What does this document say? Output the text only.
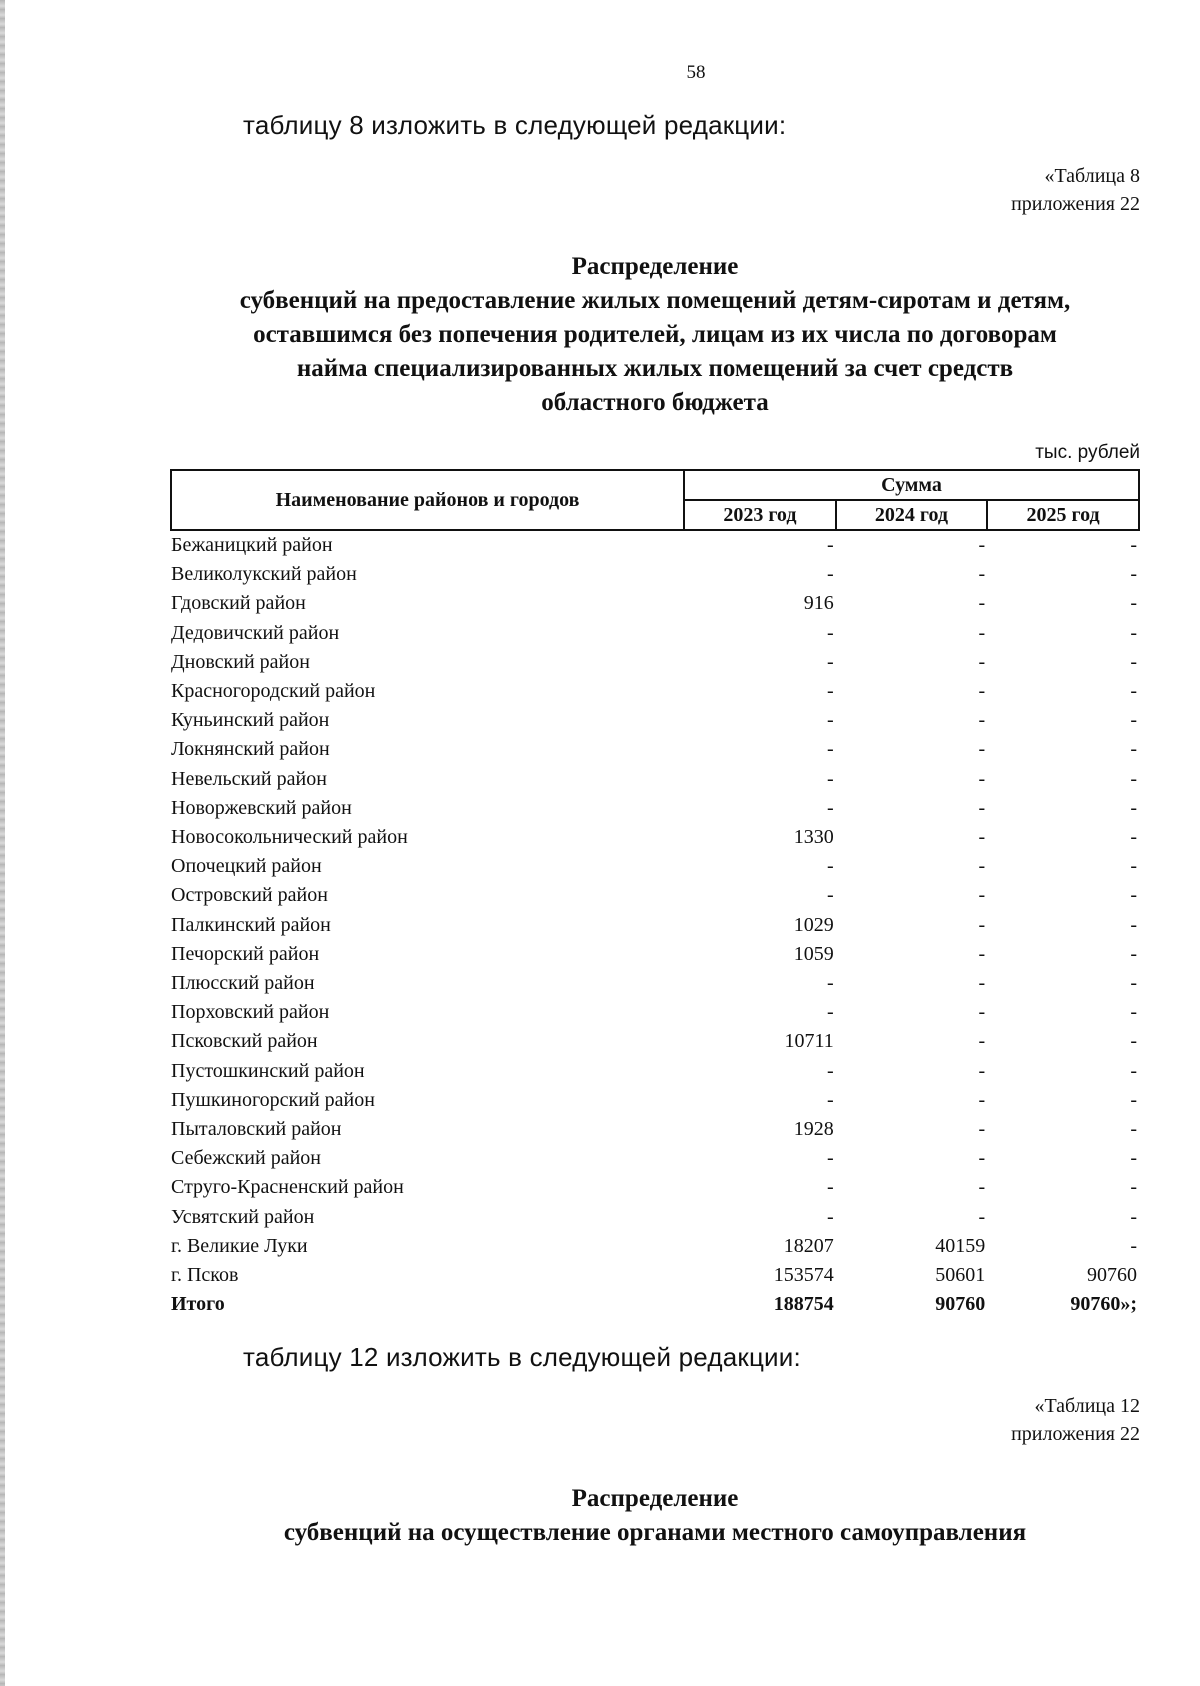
58
таблицу 8 изложить в следующей редакции:
«Таблица 8
приложения 22
Распределение
субвенций на предоставление жилых помещений детям-сиротам и детям,
оставшимся без попечения родителей, лицам из их числа по договорам
найма специализированных жилых помещений за счет средств
областного бюджета
тыс. рублей
Наименование районов и городов	Сумма		
	2023 год	2024 год	2025 год
Бежаницкий район	-	-	-
Великолукский район	-	-	-
Гдовский район	916	-	-
Дедовичский район	-	-	-
Дновский район	-	-	-
Красногородский район	-	-	-
Куньинский район	-	-	-
Локнянский район	-	-	-
Невельский район	-	-	-
Новоржевский район	-	-	-
Новосокольнический район	1330	-	-
Опочецкий район	-	-	-
Островский район	-	-	-
Палкинский район	1029	-	-
Печорский район	1059	-	-
Плюсский район	-	-	-
Порховский район	-	-	-
Псковский район	10711	-	-
Пустошкинский район	-	-	-
Пушкиногорский район	-	-	-
Пыталовский район	1928	-	-
Себежский район	-	-	-
Струго-Красненский район	-	-	-
Усвятский район	-	-	-
г. Великие Луки	18207	40159	-
г. Псков	153574	50601	90760
Итого	188754	90760	90760»;
таблицу 12 изложить в следующей редакции:
«Таблица 12
приложения 22
Распределение
субвенций на осуществление органами местного самоуправления
